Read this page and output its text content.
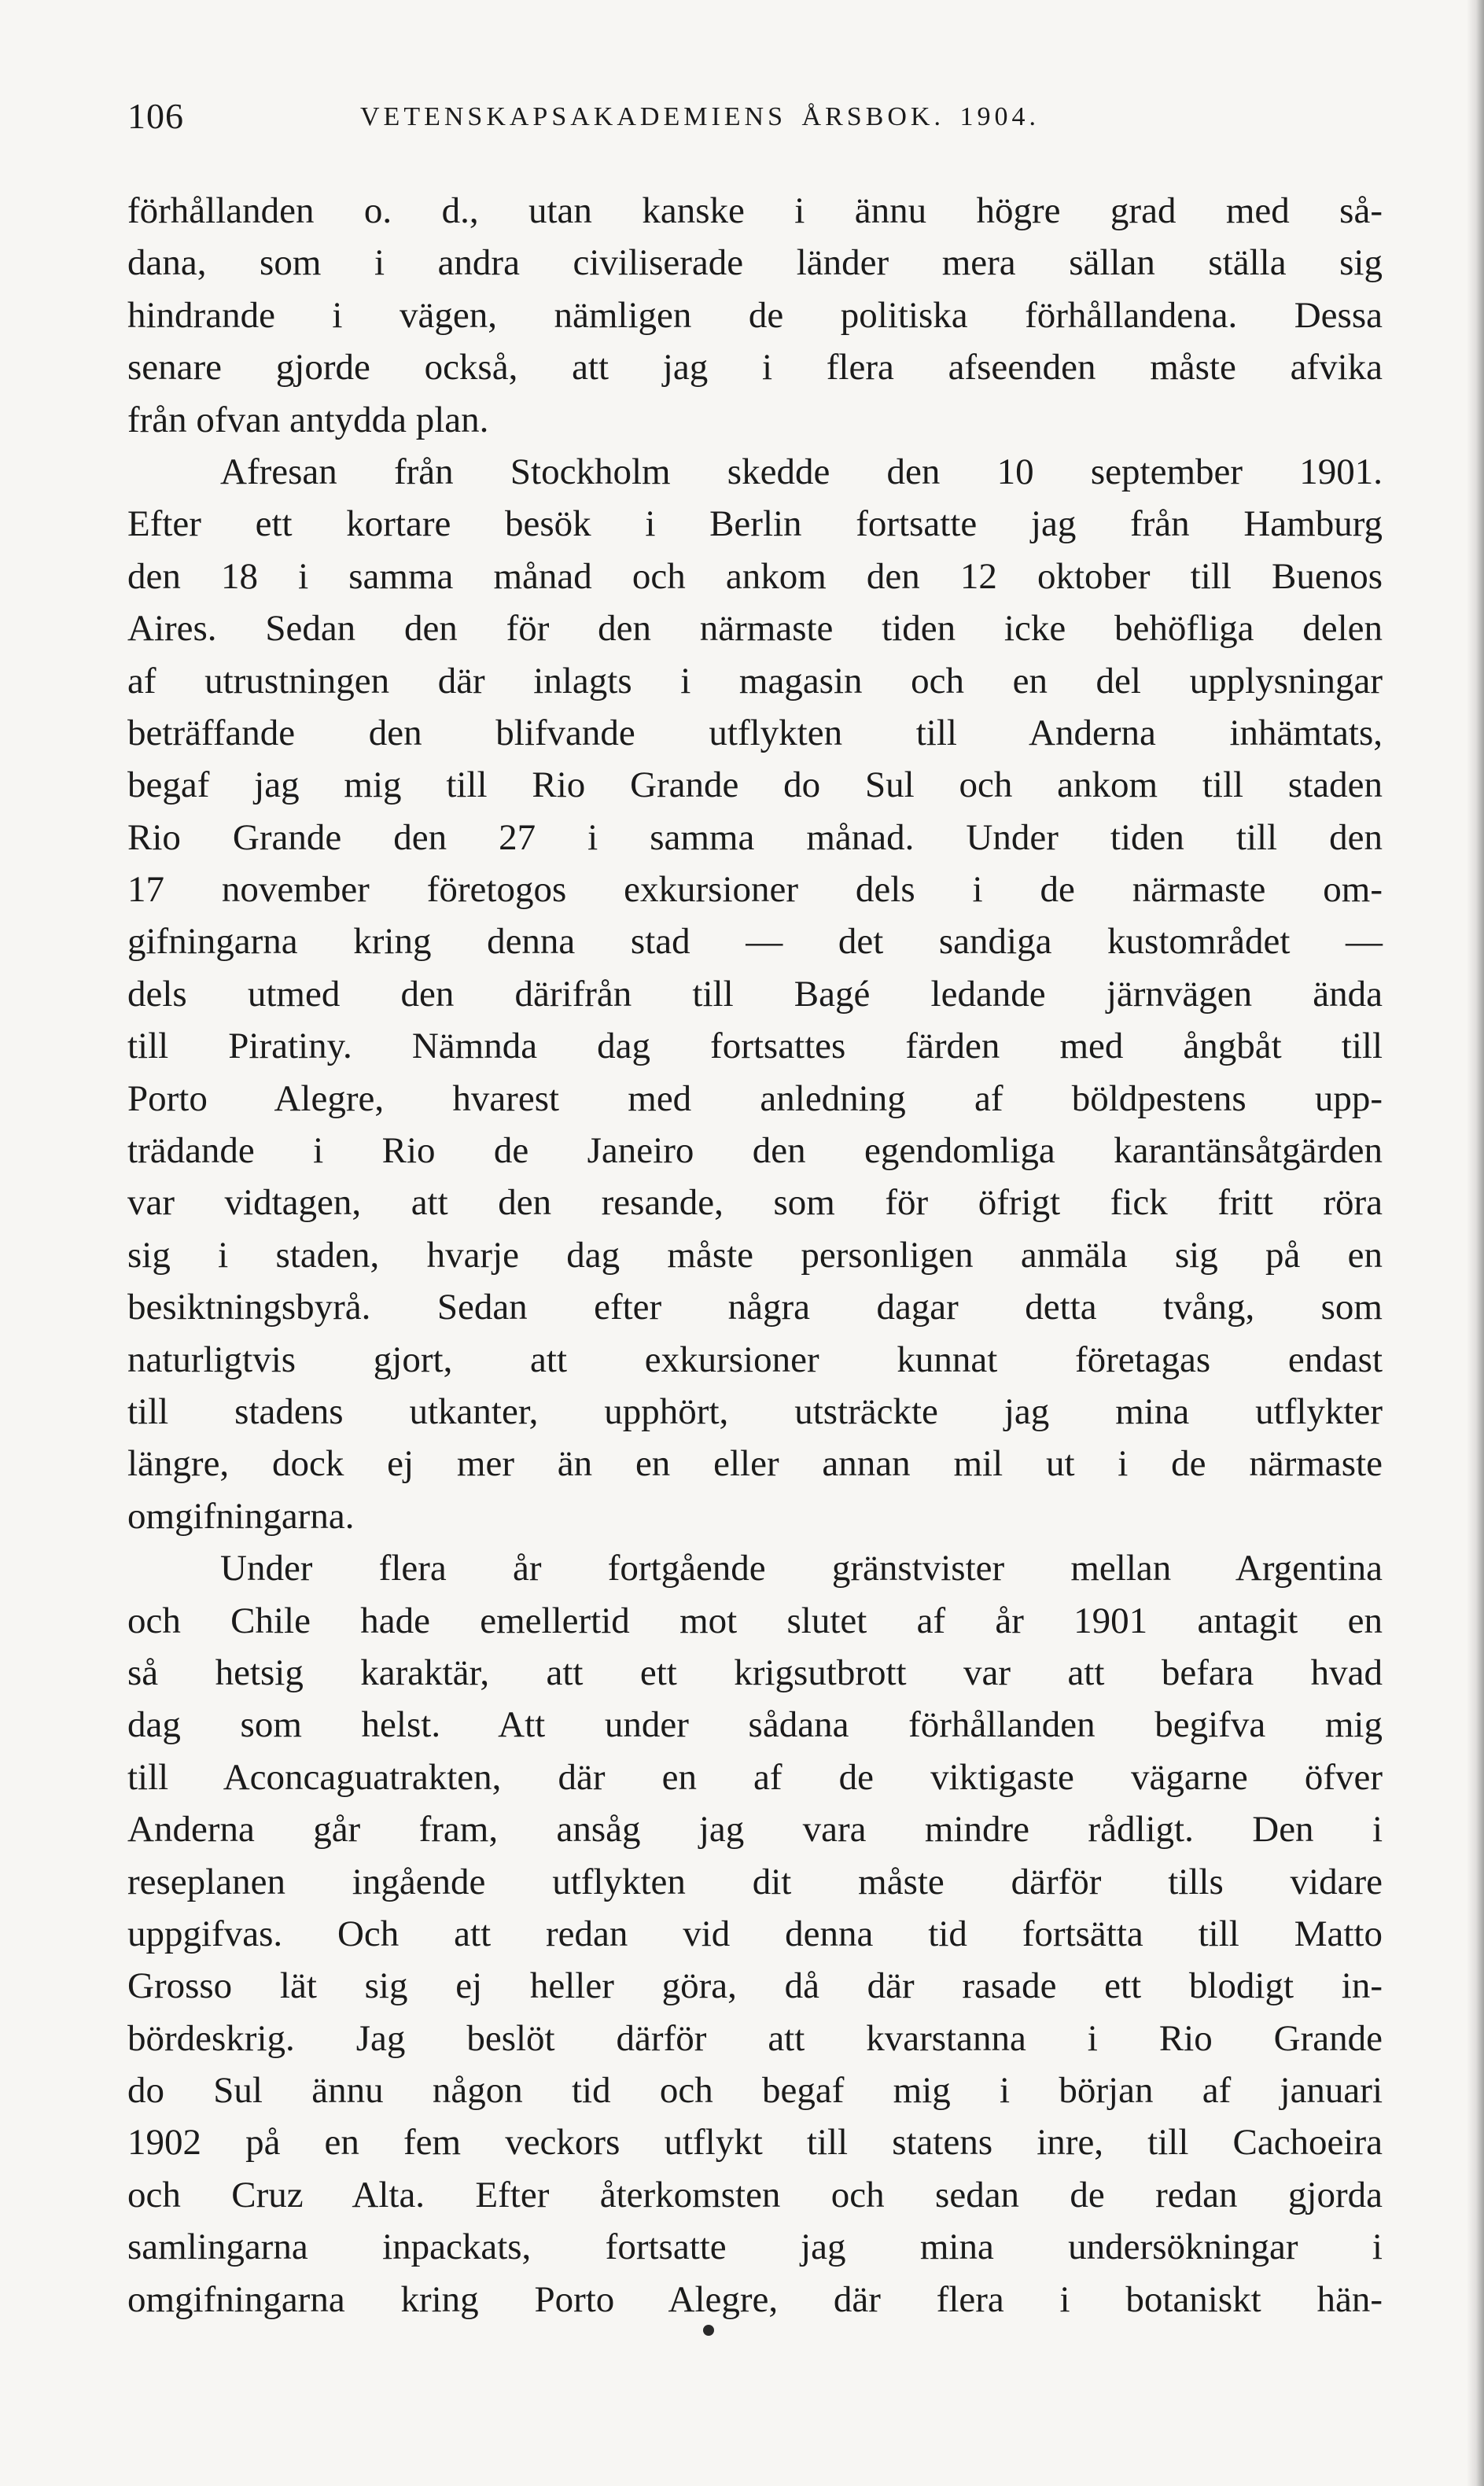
106	VETENSKAPSAKADEMIENS ÅRSBOK. 1904.
förhållanden o. d., utan kanske i ännu högre grad med så-
dana, som i andra civiliserade länder mera sällan ställa sig
hindrande i vägen, nämligen de politiska förhållandena. Dessa
senare gjorde också, att jag i flera afseenden måste afvika
från ofvan antydda plan.
Afresan från Stockholm skedde den 10 september 1901.
Efter ett kortare besök i Berlin fortsatte jag från Hamburg
den 18 i samma månad och ankom den 12 oktober till Buenos
Aires. Sedan den för den närmaste tiden icke behöfliga delen
af utrustningen där inlagts i magasin och en del upplysningar
beträffande den blifvande utflykten till Anderna inhämtats,
begaf jag mig till Rio Grande do Sul och ankom till staden
Rio Grande den 27 i samma månad. Under tiden till den
17 november företogos exkursioner dels i de närmaste om-
gifningarna kring denna stad — det sandiga kustområdet —
dels utmed den därifrån till Bagé ledande järnvägen ända
till Piratiny. Nämnda dag fortsattes färden med ångbåt till
Porto Alegre, hvarest med anledning af böldpestens upp-
trädande i Rio de Janeiro den egendomliga karantänsåtgärden
var vidtagen, att den resande, som för öfrigt fick fritt röra
sig i staden, hvarje dag måste personligen anmäla sig på en
besiktningsbyrå. Sedan efter några dagar detta tvång, som
naturligtvis gjort, att exkursioner kunnat företagas endast
till stadens utkanter, upphört, utsträckte jag mina utflykter
längre, dock ej mer än en eller annan mil ut i de närmaste
omgifningarna.
Under flera år fortgående gränstvister mellan Argentina
och Chile hade emellertid mot slutet af år 1901 antagit en
så hetsig karaktär, att ett krigsutbrott var att befara hvad
dag som helst. Att under sådana förhållanden begifva mig
till Aconcaguatrakten, där en af de viktigaste vägarne öfver
Anderna går fram, ansåg jag vara mindre rådligt. Den i
reseplanen ingående utflykten dit måste därför tills vidare
uppgifvas. Och att redan vid denna tid fortsätta till Matto
Grosso lät sig ej heller göra, då där rasade ett blodigt in-
bördeskrig. Jag beslöt därför att kvarstanna i Rio Grande
do Sul ännu någon tid och begaf mig i början af januari
1902 på en fem veckors utflykt till statens inre, till Cachoeira
och Cruz Alta. Efter återkomsten och sedan de redan gjorda
samlingarna inpackats, fortsatte jag mina undersökningar i
omgifningarna kring Porto Alegre, där flera i botaniskt hän-
